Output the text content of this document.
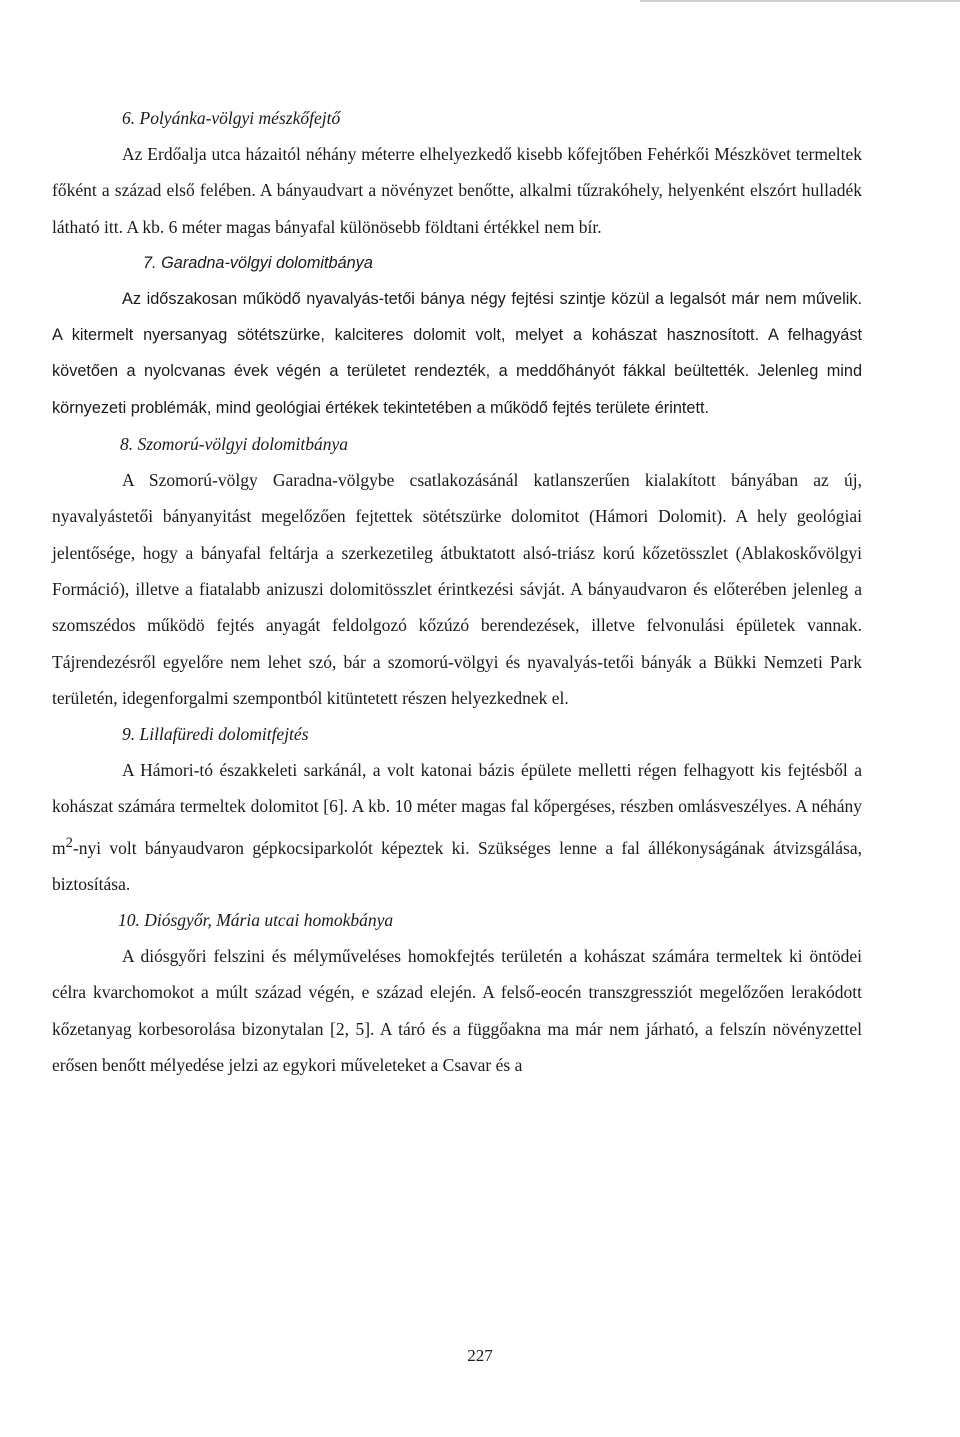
6. Polyánka-völgyi mészkőfejtő

Az Erdőalja utca házaitól néhány méterre elhelyezkedő kisebb kőfejtőben Fehérkői Mészkövet termeltek főként a század első felében. A bányaudvart a növényzet benőtte, alkalmi tűzrakóhely, helyenként elszórt hulladék látható itt. A kb. 6 méter magas bányafal különösebb földtani értékkel nem bír.

7. Garadna-völgyi dolomitbánya

Az időszakosan működő nyavalyás-tetői bánya négy fejtési szintje közül a legalsót már nem művelik. A kitermelt nyersanyag sötétszürke, kalciteres dolomit volt, melyet a kohászat hasznosított. A felhagyást követően a nyolcvanas évek végén a területet rendezték, a meddőhányót fákkal beültették. Jelenleg mind környezeti problémák, mind geológiai értékek tekintetében a működő fejtés területe érintett.

8. Szomorú-völgyi dolomitbánya

A Szomorú-völgy Garadna-völgybe csatlakozásánál katlanszerűen kialakított bányában az új, nyavalyástetői bányanyitást megelőzően fejtettek sötétszürke dolomitot (Hámori Dolomit). A hely geológiai jelentősége, hogy a bányafal feltárja a szerkezetileg átbuktatott alsó-triász korú kőzetösszlet (Ablakoskővölgyi Formáció), illetve a fiatalabb anizuszi dolomitösszlet érintkezési sávját. A bányaudvaron és előterében jelenleg a szomszédos működö fejtés anyagát feldolgozó kőzúzó berendezések, illetve felvonulási épületek vannak. Tájrendezésről egyelőre nem lehet szó, bár a szomorú-völgyi és nyavalyás-tetői bányák a Bükki Nemzeti Park területén, idegenforgalmi szempontból kitüntetett részen helyezkednek el.

9. Lillafüredi dolomitfejtés

A Hámori-tó északkeleti sarkánál, a volt katonai bázis épülete melletti régen felhagyott kis fejtésből a kohászat számára termeltek dolomitot [6]. A kb. 10 méter magas fal kőpergéses, részben omlásveszélyes. A néhány $m^2$-nyi volt bányaudvaron gépkocsiparkolót képeztek ki. Szükséges lenne a fal állékonyságának átvizsgálása, biztosítása.

10. Diósgyőr, Mária utcai homokbánya

A diósgyőri felszini és mélyműveléses homokfejtés területén a kohászat számára termeltek ki öntödei célra kvarchomokot a múlt század végén, e század elején. A felső-eocén transzgressziót megelőzően lerakódott kőzetanyag korbesorolása bizonytalan [2, 5]. A táró és a függőakna ma már nem járható, a felszín növényzettel erősen benőtt mélyedése jelzi az egykori műveleteket a Csavar és a

227
